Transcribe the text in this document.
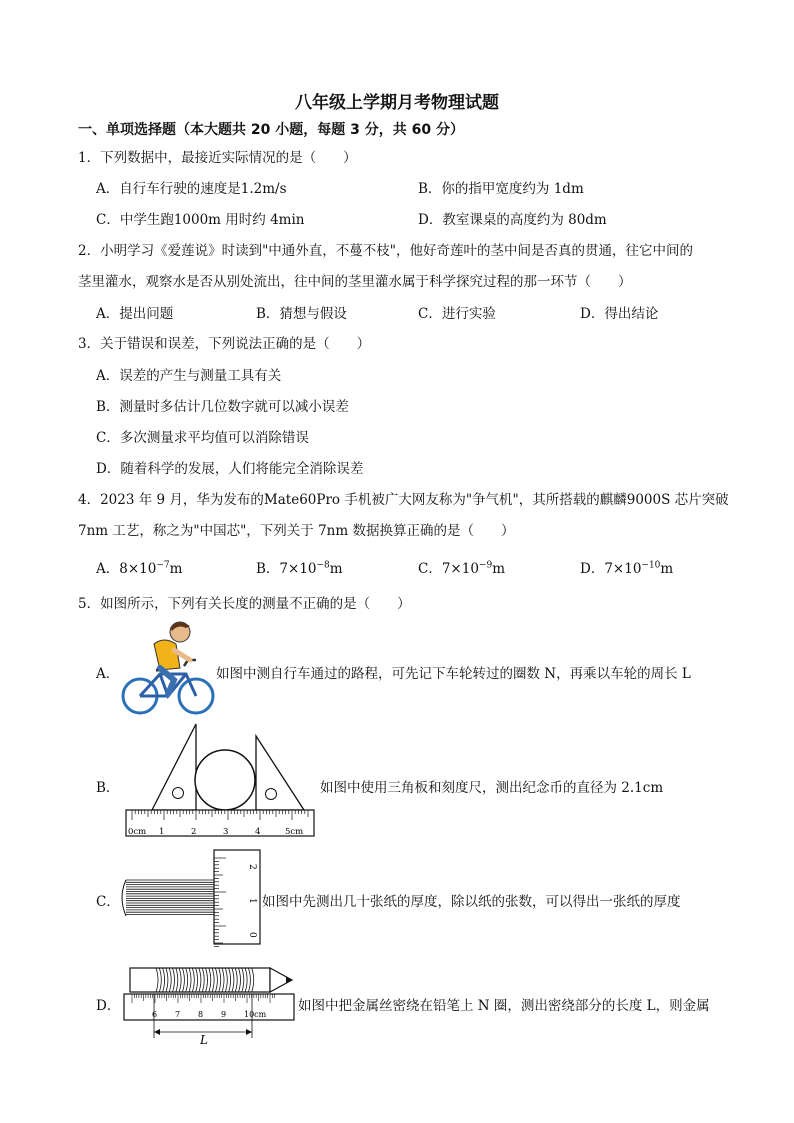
八年级上学期月考物理试题
一、单项选择题（本大题共 20 小题，每题 3 分，共 60 分）
1．下列数据中，最接近实际情况的是（　　）
A．自行车行驶的速度是1.2m/s	B．你的指甲宽度约为 1dm
C．中学生跑1000m 用时约 4min	D．教室课桌的高度约为 80dm
2．小明学习《爱莲说》时读到"中通外直，不蔓不枝"，他好奇莲叶的茎中间是否真的贯通，往它中间的
茎里灌水，观察水是否从别处流出，往中间的茎里灌水属于科学探究过程的那一环节（　　）
A．提出问题	B．猜想与假设	C．进行实验	D．得出结论
3．关于错误和误差，下列说法正确的是（　　）
A．误差的产生与测量工具有关
B．测量时多估计几位数字就可以减小误差
C．多次测量求平均值可以消除错误
D．随着科学的发展，人们将能完全消除误差
4．2023 年 9 月，华为发布的Mate60Pro 手机被广大网友称为"争气机"，其所搭载的麒麟9000S 芯片突破
7nm 工艺，称之为"中国芯"，下列关于 7nm 数据换算正确的是（　　）
A．$8\times 10^{-7}m$	B．$7\times 10^{-8}m$	C．$7\times 10^{-9}m$	D．$7\times 10^{-10}m$
5．如图所示，下列有关长度的测量不正确的是（　　）
A．	如图中测自行车通过的路程，可先记下车轮转过的圈数 N，再乘以车轮的周长 L
B．
0cm 1	2	3	4	5cm
如图中使用三角板和刻度尺，测出纪念币的直径为 2.1cm
C．
2
1
0
如图中先测出几十张纸的厚度，除以纸的张数，可以得出一张纸的厚度
D．
6 7 8 9 10cm
L
如图中把金属丝密绕在铅笔上 N 圈，测出密绕部分的长度 L，则金属
